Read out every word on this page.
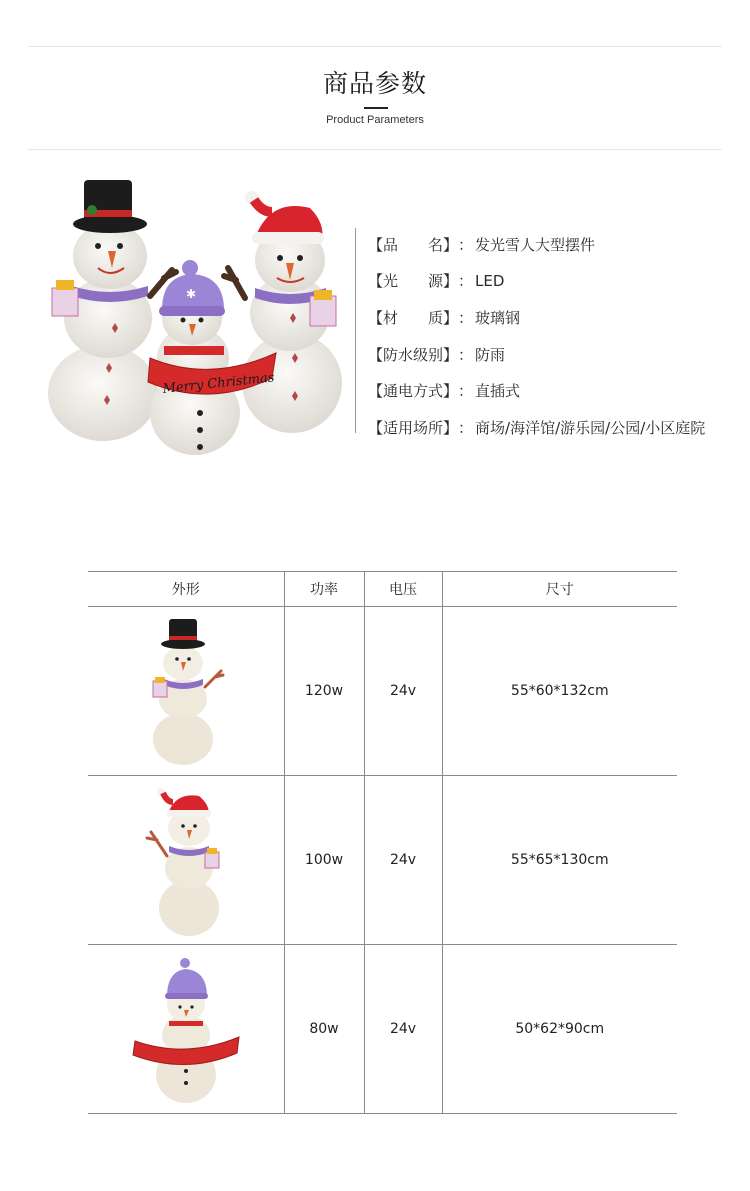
商品参数
Product Parameters
✱
Merry Christmas
【品　　名】 ： 发光雪人大型摆件
【光　　源】 ： LED
【材　　质】 ： 玻璃钢
【防水级别】 ： 防雨
【通电方式】 ： 直插式
【适用场所】 ： 商场/海洋馆/游乐园/公园/小区庭院
外形	功率	电压	尺寸

	120w	24v	55*60*132cm

	100w	24v	55*65*130cm

	80w	24v	50*62*90cm
